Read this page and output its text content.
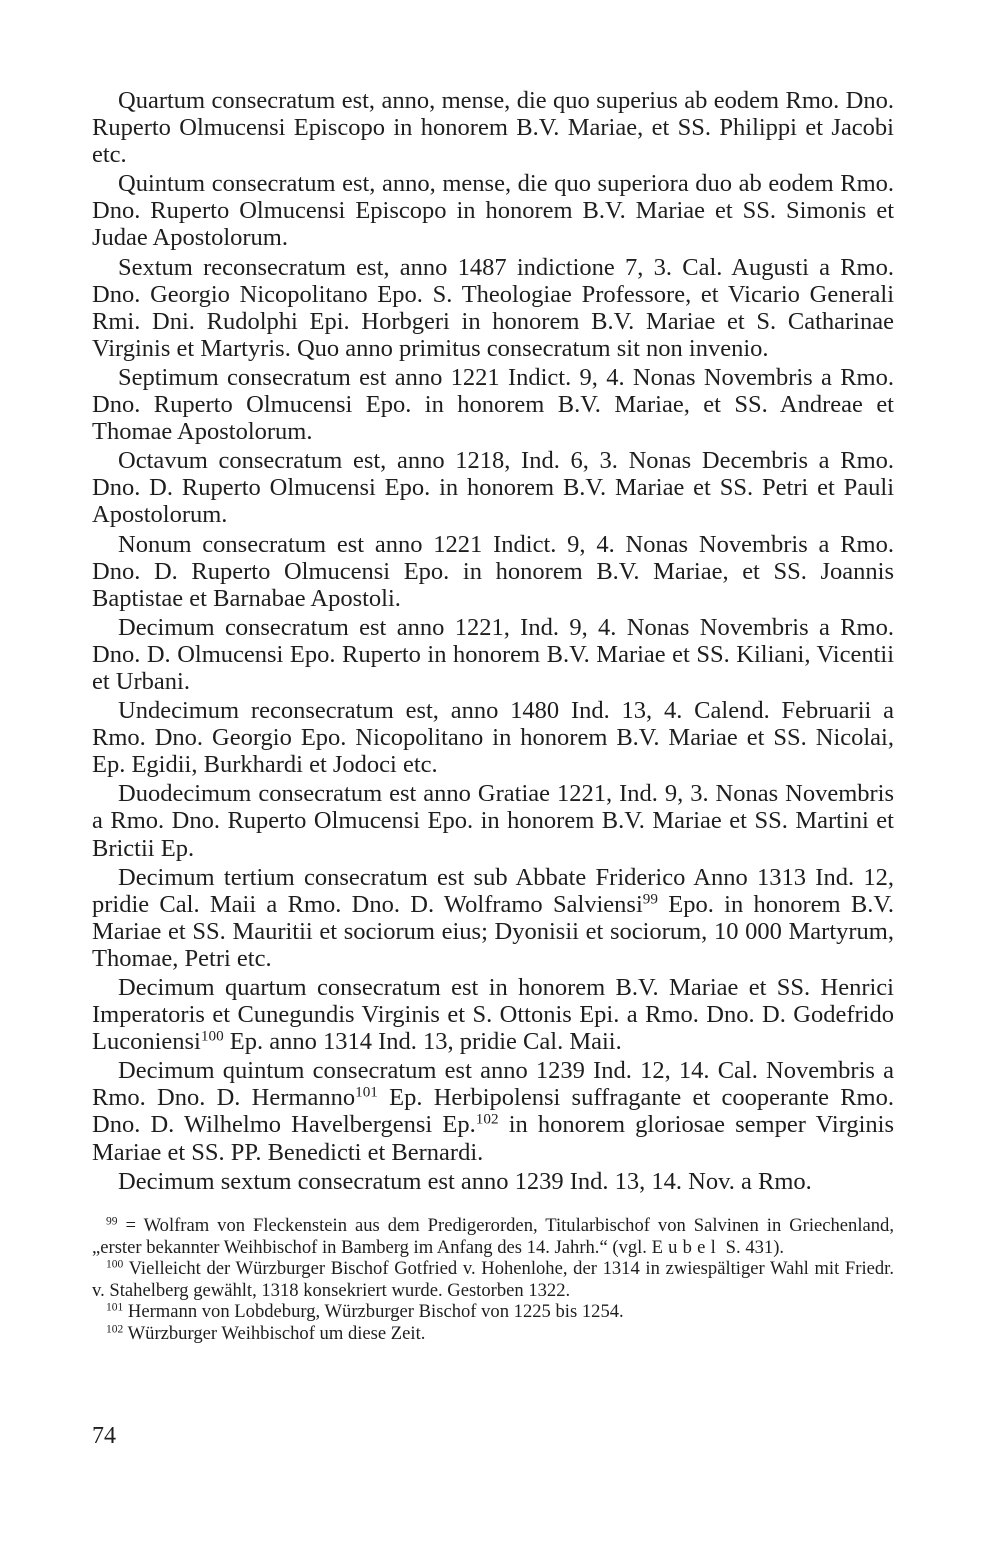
Quartum consecratum est, anno, mense, die quo superius ab eodem Rmo. Dno. Ruperto Olmucensi Episcopo in honorem B.V. Mariae, et SS. Philippi et Jacobi etc.

Quintum consecratum est, anno, mense, die quo superiora duo ab eodem Rmo. Dno. Ruperto Olmucensi Episcopo in honorem B.V. Mariae et SS. Simonis et Judae Apostolorum.

Sextum reconsecratum est, anno 1487 indictione 7, 3. Cal. Augusti a Rmo. Dno. Georgio Nicopolitano Epo. S. Theologiae Professore, et Vicario Generali Rmi. Dni. Rudolphi Epi. Horbgeri in honorem B.V. Mariae et S. Catharinae Virginis et Martyris. Quo anno primitus consecratum sit non invenio.

Septimum consecratum est anno 1221 Indict. 9, 4. Nonas Novembris a Rmo. Dno. Ruperto Olmucensi Epo. in honorem B.V. Mariae, et SS. Andreae et Thomae Apostolorum.

Octavum consecratum est, anno 1218, Ind. 6, 3. Nonas Decembris a Rmo. Dno. D. Ruperto Olmucensi Epo. in honorem B.V. Mariae et SS. Petri et Pauli Apostolorum.

Nonum consecratum est anno 1221 Indict. 9, 4. Nonas Novembris a Rmo. Dno. D. Ruperto Olmucensi Epo. in honorem B.V. Mariae, et SS. Joannis Baptistae et Barnabae Apostoli.

Decimum consecratum est anno 1221, Ind. 9, 4. Nonas Novembris a Rmo. Dno. D. Olmucensi Epo. Ruperto in honorem B.V. Mariae et SS. Kiliani, Vicentii et Urbani.

Undecimum reconsecratum est, anno 1480 Ind. 13, 4. Calend. Februarii a Rmo. Dno. Georgio Epo. Nicopolitano in honorem B.V. Mariae et SS. Nicolai, Ep. Egidii, Burkhardi et Jodoci etc.

Duodecimum consecratum est anno Gratiae 1221, Ind. 9, 3. Nonas Novembris a Rmo. Dno. Ruperto Olmucensi Epo. in honorem B.V. Mariae et SS. Martini et Brictii Ep.

Decimum tertium consecratum est sub Abbate Friderico Anno 1313 Ind. 12, pridie Cal. Maii a Rmo. Dno. D. Wolframo Salviensi$^{99}$ Epo. in honorem B.V. Mariae et SS. Mauritii et sociorum eius; Dyonisii et sociorum, 10 000 Martyrum, Thomae, Petri etc.

Decimum quartum consecratum est in honorem B.V. Mariae et SS. Henrici Imperatoris et Cunegundis Virginis et S. Ottonis Epi. a Rmo. Dno. D. Godefrido Luconiensi$^{100}$ Ep. anno 1314 Ind. 13, pridie Cal. Maii.

Decimum quintum consecratum est anno 1239 Ind. 12, 14. Cal. Novembris a Rmo. Dno. D. Hermanno$^{101}$ Ep. Herbipolensi suffragante et cooperante Rmo. Dno. D. Wilhelmo Havelbergensi Ep.$^{102}$ in honorem gloriosae semper Virginis Mariae et SS. PP. Benedicti et Bernardi.

Decimum sextum consecratum est anno 1239 Ind. 13, 14. Nov. a Rmo.

$^{99}$ = Wolfram von Fleckenstein aus dem Predigerorden, Titularbischof von Salvinen in Griechenland, „erster bekannter Weihbischof in Bamberg im Anfang des 14. Jahrh.“ (vgl. Eubel S. 431).

$^{100}$ Vielleicht der Würzburger Bischof Gotfried v. Hohenlohe, der 1314 in zwiespältiger Wahl mit Friedr. v. Stahelberg gewählt, 1318 konsekriert wurde. Gestorben 1322.

$^{101}$ Hermann von Lobdeburg, Würzburger Bischof von 1225 bis 1254.

$^{102}$ Würzburger Weihbischof um diese Zeit.

74
